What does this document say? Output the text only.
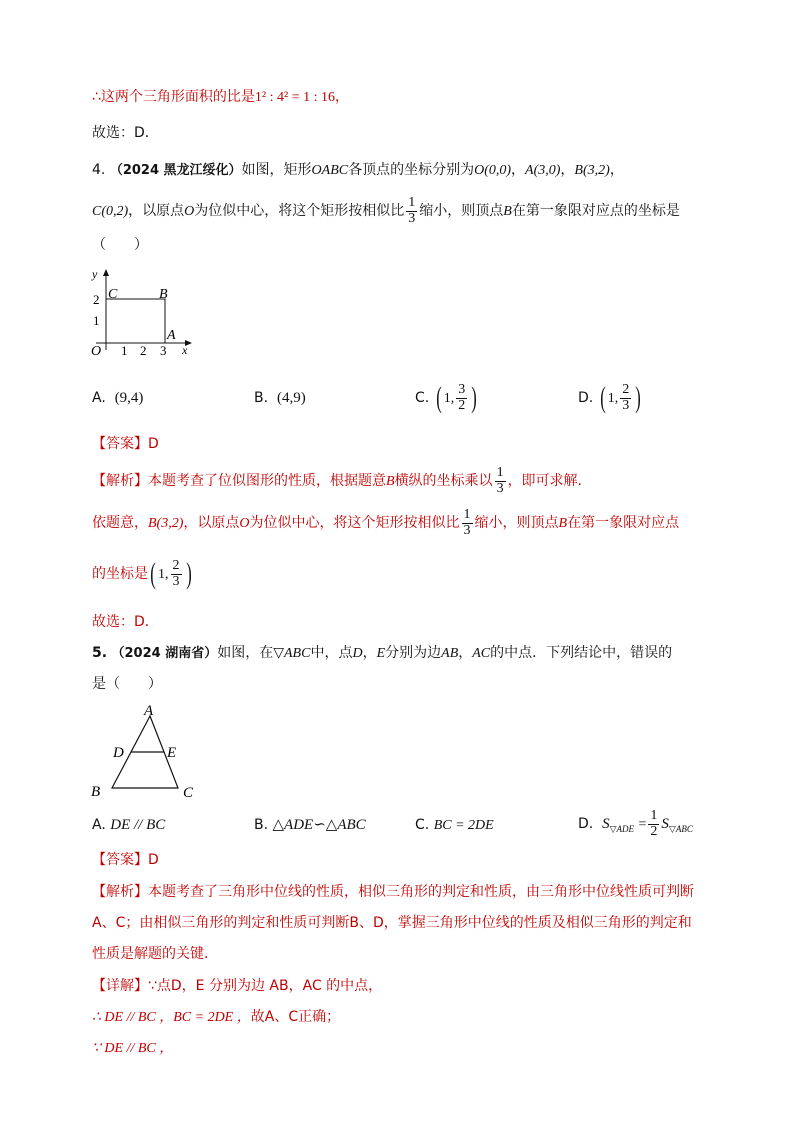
∴这两个三角形面积的比是1² : 4² = 1 : 16，
故选：D．
4. （2024 黑龙江绥化）如图，矩形OABC各顶点的坐标分别为O(0,0)，A(3,0)，B(3,2)，
C(0,2)，以原点O为位似中心，将这个矩形按相似比 $\frac{1}{3}$ 缩小，则顶点B在第一象限对应点的坐标是
（　　）
y
x
O
2
1
1 2 3
C	B
A
A. (9,4)	B. (4,9)	C. ( 1, $\frac{3}{2}$ )	D. ( 1, $\frac{2}{3}$ )
【答案】D
【解析】本题考查了位似图形的性质，根据题意B横纵的坐标乘以 $\frac{1}{3}$ ，即可求解．
依题意，B(3,2)，以原点O为位似中心，将这个矩形按相似比 $\frac{1}{3}$ 缩小，则顶点B在第一象限对应点
的坐标是( 1, $\frac{2}{3}$ )
故选：D．
5. （2024 湖南省）如图，在▽ABC中，点D，E分别为边AB，AC的中点．下列结论中，错误的
是（　　）
A
D	E
B	C
A. DE // BC	B. △ADE∽△ABC	C. BC = 2DE	D. $S_{▽ADE} = \frac{1}{2} S_{▽ABC}$
【答案】D
【解析】本题考查了三角形中位线的性质，相似三角形的判定和性质，由三角形中位线性质可判断
A、C；由相似三角形的判定和性质可判断B、D，掌握三角形中位线的性质及相似三角形的判定和
性质是解题的关键．
【详解】∵点D，E 分别为边 AB，AC 的中点，
∴ DE // BC ，BC = 2DE ，故A、C正确；
∵ DE // BC ，
